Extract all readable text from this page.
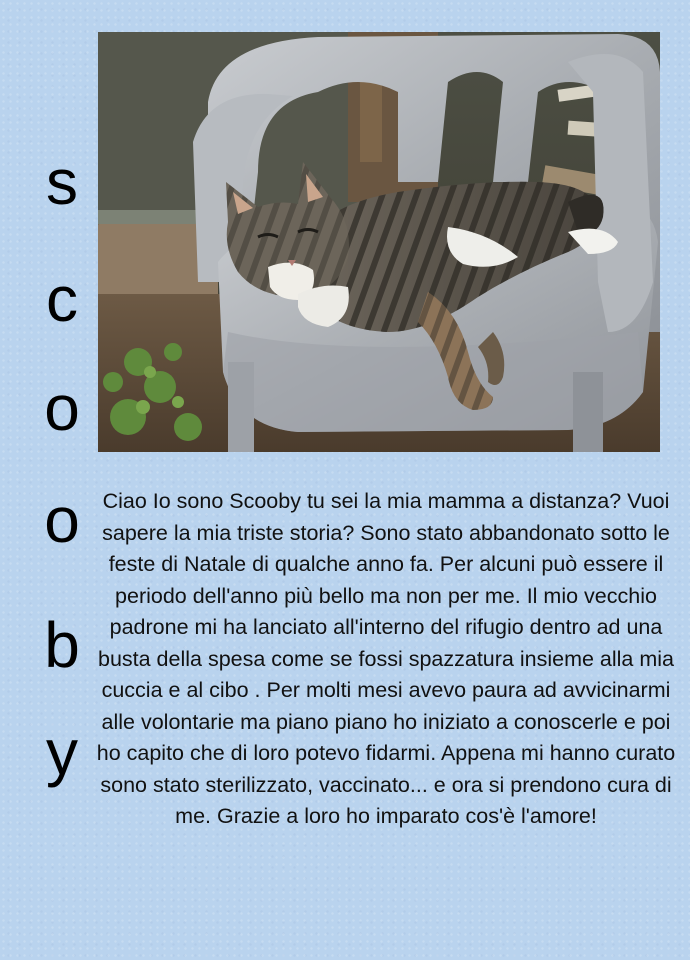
s
c
o
o
b
y

Ciao Io sono Scooby tu sei la mia mamma a distanza? Vuoi sapere la mia triste storia? Sono stato abbandonato sotto le feste di Natale di qualche anno fa. Per alcuni può essere il periodo dell'anno più bello ma non per me. Il mio vecchio padrone mi ha lanciato all'interno del rifugio dentro ad una busta della spesa come se fossi spazzatura insieme alla mia cuccia e al cibo . Per molti mesi avevo paura ad avvicinarmi alle volontarie ma piano piano ho iniziato a conoscerle e poi ho capito che di loro potevo fidarmi. Appena mi hanno curato sono stato sterilizzato, vaccinato... e ora si prendono cura di me. Grazie a loro ho imparato cos'è l'amore!
